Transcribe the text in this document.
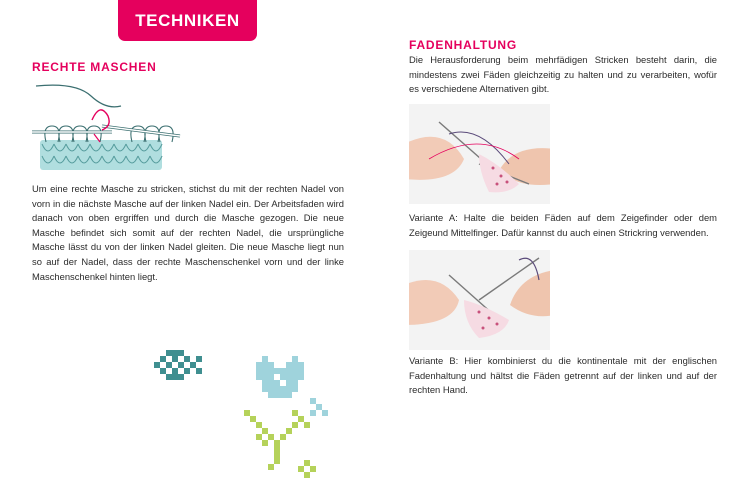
TECHNIKEN
RECHTE MASCHEN

Um eine rechte Masche zu stricken, stichst du mit der rechten Nadel von vorn in die nächste Masche auf der linken Nadel ein. Der Arbeitsfaden wird danach von oben ergriffen und durch die Masche gezogen. Die neue Masche befindet sich somit auf der rechten Nadel, die ursprüngliche Masche lässt du von der linken Nadel gleiten. Die neue Masche liegt nun so auf der Nadel, dass der rechte Maschenschenkel vorn und der linke Maschenschenkel hinten liegt.

FADENHALTUNG

Die Herausforderung beim mehrfädigen Stricken besteht darin, die mindestens zwei Fäden gleichzeitig zu halten und zu verarbeiten, wofür es verschiedene Alternativen gibt.

Variante A: Halte die beiden Fäden auf dem Zeigefinder oder dem Zeigeund Mittelfinger. Dafür kannst du auch einen Strickring verwenden.

Variante B: Hier kombinierst du die kontinentale mit der englischen Fadenhaltung und hältst die Fäden getrennt auf der linken und auf der rechten Hand.
